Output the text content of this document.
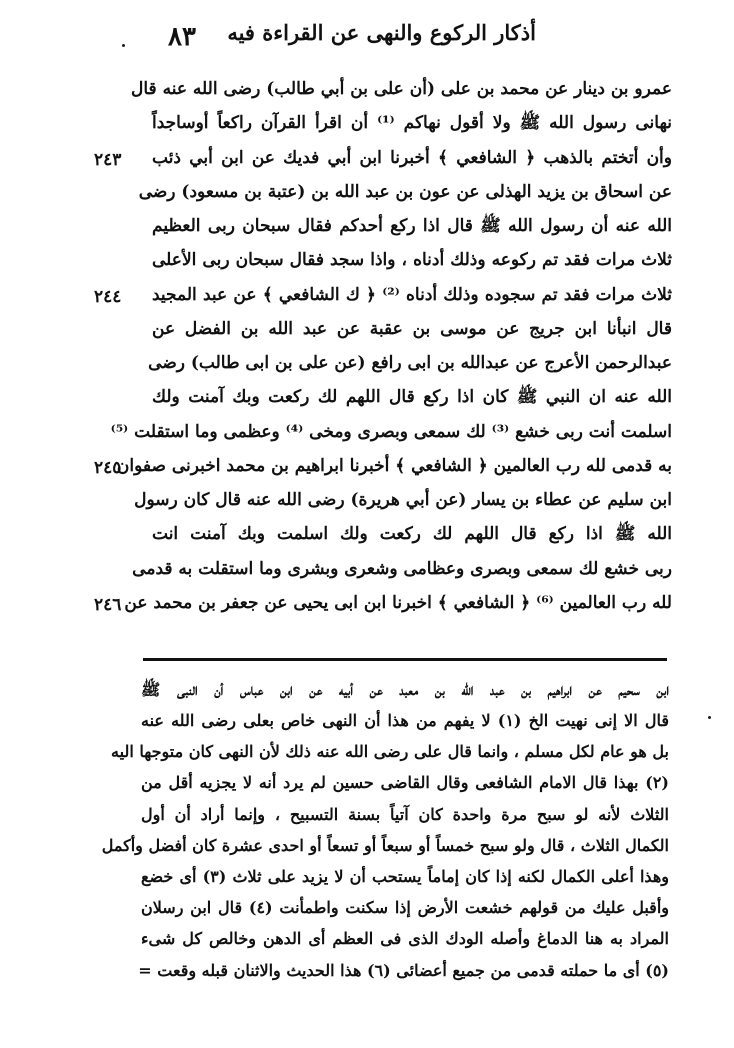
٨٣ أذكار الركوع والنهى عن القراءة فيه
عمرو بن دينار عن محمد بن على (أن على بن أبي طالب) رضى الله عنه قال
نهانى رسول الله ﷺ ولا أقول نهاكم ⁽¹⁾ أن اقرأ القرآن راكعاً أوساجداً
وأن أتختم بالذهب ﴿ الشافعي ﴾ أخبرنا ابن أبي فديك عن ابن أبي ذئب
عن اسحاق بن يزيد الهذلى عن عون بن عبد الله بن (عتبة بن مسعود) رضى
الله عنه أن رسول الله ﷺ قال اذا ركع أحدكم فقال سبحان ربى العظيم
ثلاث مرات فقد تم ركوعه وذلك أدناه ، واذا سجد فقال سبحان ربى الأعلى
ثلاث مرات فقد تم سجوده وذلك أدناه ⁽²⁾ ﴿ ك الشافعي ﴾ عن عبد المجيد
قال انبأنا ابن جريج عن موسى بن عقبة عن عبد الله بن الفضل عن
عبدالرحمن الأعرج عن عبدالله بن ابى رافع (عن على بن ابى طالب) رضى
الله عنه ان النبي ﷺ كان اذا ركع قال اللهم لك ركعت وبك آمنت ولك
اسلمت أنت ربى خشع ⁽³⁾ لك سمعى وبصرى ومخى ⁽⁴⁾ وعظمى وما استقلت ⁽⁵⁾
به قدمى لله رب العالمين ﴿ الشافعي ﴾ أخبرنا ابراهيم بن محمد اخبرنى صفوان
ابن سليم عن عطاء بن يسار (عن أبي هريرة) رضى الله عنه قال كان رسول
الله ﷺ اذا ركع قال اللهم لك ركعت ولك اسلمت وبك آمنت انت
ربى خشع لك سمعى وبصرى وعظامى وشعرى وبشرى وما استقلت به قدمى
لله رب العالمين ⁽⁶⁾ ﴿ الشافعي ﴾ اخبرنا ابن ابى يحيى عن جعفر بن محمد عن
٢٤٣
٢٤٤
٢٤٥
٢٤٦
ابن سحيم عن ابراهيم بن عبد الله بن معبد عن أبيه عن ابن عباس أن النبى ﷺ
قال الا إنى نهيت الخ (١) لا يفهم من هذا أن النهى خاص بعلى رضى الله عنه
بل هو عام لكل مسلم ، وانما قال على رضى الله عنه ذلك لأن النهى كان متوجها اليه
(٢) بهذا قال الامام الشافعى وقال القاضى حسين لم يرد أنه لا يجزيه أقل من
الثلاث لأنه لو سبح مرة واحدة كان آتياً بسنة التسبيح ، وإنما أراد أن أول
الكمال الثلاث ، قال ولو سبح خمساً أو سبعاً أو تسعاً أو احدى عشرة كان أفضل وأكمل
وهذا أعلى الكمال لكنه إذا كان إماماً يستحب أن لا يزيد على ثلاث (٣) أى خضع
وأقبل عليك من قولهم خشعت الأرض إذا سكنت واطمأنت (٤) قال ابن رسلان
المراد به هنا الدماغ وأصله الودك الذى فى العظم أى الدهن وخالص كل شىء
(٥) أى ما حملته قدمى من جميع أعضائى (٦) هذا الحديث والاثنان قبله وقعت =
